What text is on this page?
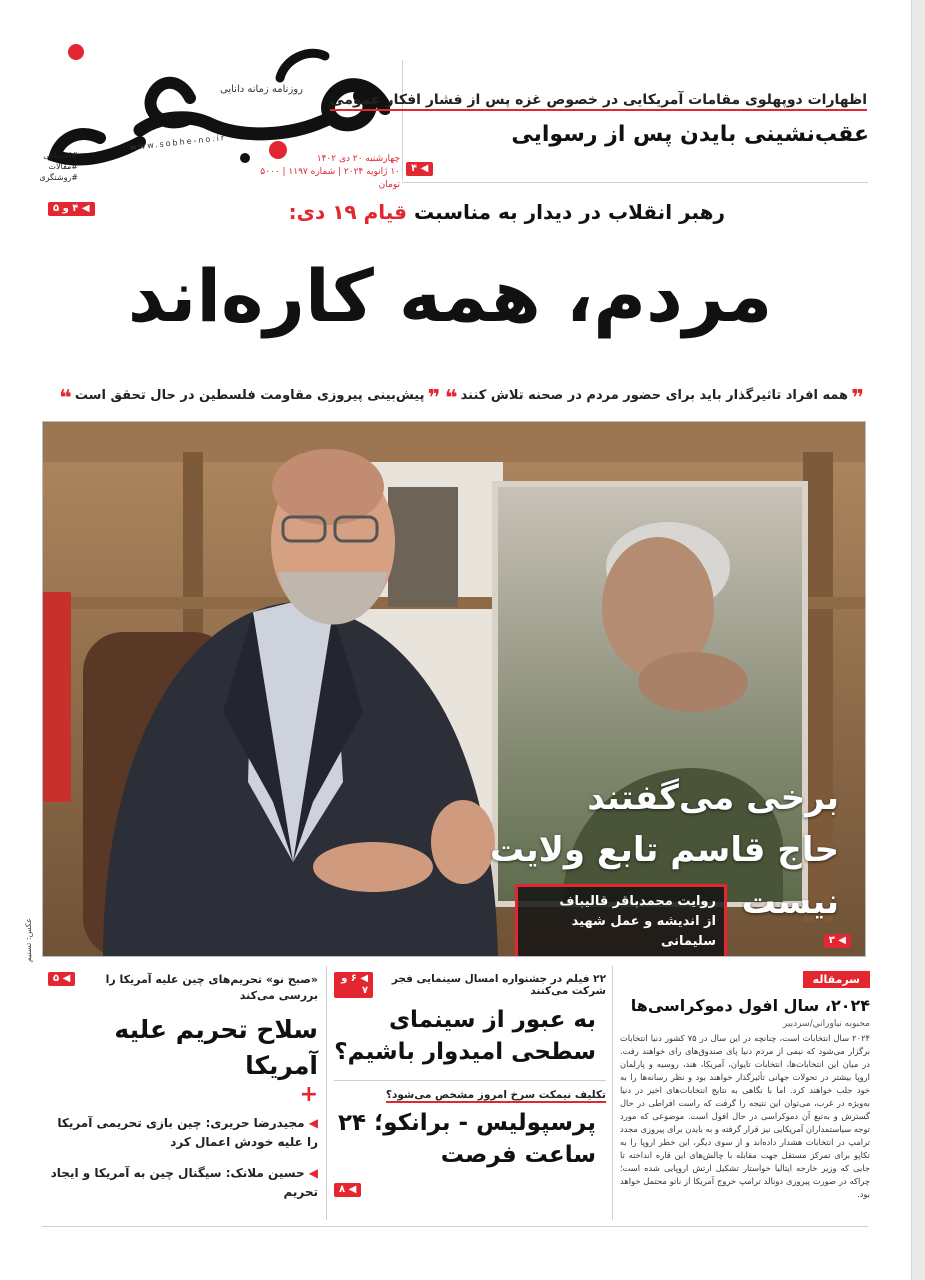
روزنامه زمانه دانایی
www.sobhe-no.ir
#اجتماعی
#مقالات
#روشنگری
چهارشنبه ۲۰ دی ۱۴۰۲
۱۰ ژانویه ۲۰۲۴ | شماره ۱۱۹۷ | ۵۰۰۰ تومان
اظهارات دوپهلوی مقامات آمریکایی در خصوص غزه پس از فشار افکار عمومی
عقب‌نشینی بایدن پس از رسوایی
◀ ۴
◀ ۴ و ۵	رهبر انقلاب در دیدار به مناسبت قیام ۱۹ دی:
مردم، همه کاره‌اند
❞همه افراد تاثیرگذار باید برای حضور مردم در صحنه تلاش کنند❝
❞پیش‌بینی پیروزی مقاومت فلسطین در حال تحقق است❝
برخی می‌گفتند
حاج قاسم تابع ولایت
نیست
روایت محمدباقر قالیباف
از اندیشه و عمل شهید سلیمانی	◀ ۳
عکس: تسنیم
سرمقاله
۲۰۲۴، سال افول دموکراسی‌ها
محبوبه نیاوراني/سردبير
۲۰۲۴ سال انتخابات است، چنانچه در این سال در ۷۵ کشور دنیا انتخابات برگزار می‌شود که نیمی از مردم دنیا پای صندوق‌های رای خواهند رفت. در میان این انتخابات‌ها، انتخابات تایوان، آمریکا، هند، روسیه و پارلمان اروپا بیشتر در تحولات جهانی تأثیرگذار خواهند بود و نظر رسانه‌ها را به خود جلب خواهند کرد. اما با نگاهی به نتایج انتخابات‌های اخیر در دنیا به‌ویژه در غرب، می‌توان این نتیجه را گرفت که راست افراطی در حال گسترش و به‌تبع آن دموکراسی در حال افول است. موضوعی که مورد توجه سیاستمداران آمریکایی نیز قرار گرفته و به بایدن برای پیروزی مجدد ترامپ در انتخابات هشدار داده‌اند و از سوی دیگر، این خطر اروپا را به تکاپو برای تمرکز مستقل جهت مقابله با چالش‌های این قاره انداخته تا جایی که وزیر خارجه ایتالیا خواستار تشکیل ارتش اروپایی شده است؛ چراکه در صورت پیروزی دونالد ترامپ خروج آمریکا از ناتو محتمل خواهد بود.
۲۲ فیلم در جشنواره امسال سینمایی فجر شرکت می‌کنند
◀ ۶ و ۷
به عبور از سینمای سطحی امیدوار باشیم؟
تکلیف نیمکت سرخ امروز مشخص می‌شود؟
پرسپولیس - برانکو؛ ۲۴ ساعت فرصت
◀ ۸
«صبح نو» تحریم‌های چین علیه آمریکا را بررسی می‌کند
◀ ۵
سلاح تحریم علیه آمریکا
+
◀ مجیدرضا حریری: چین بازی تحریمی آمریکا را علیه خودش اعمال کرد
◀ حسین ملانک: سیگنال چین به آمریکا و ایجاد تحریم
